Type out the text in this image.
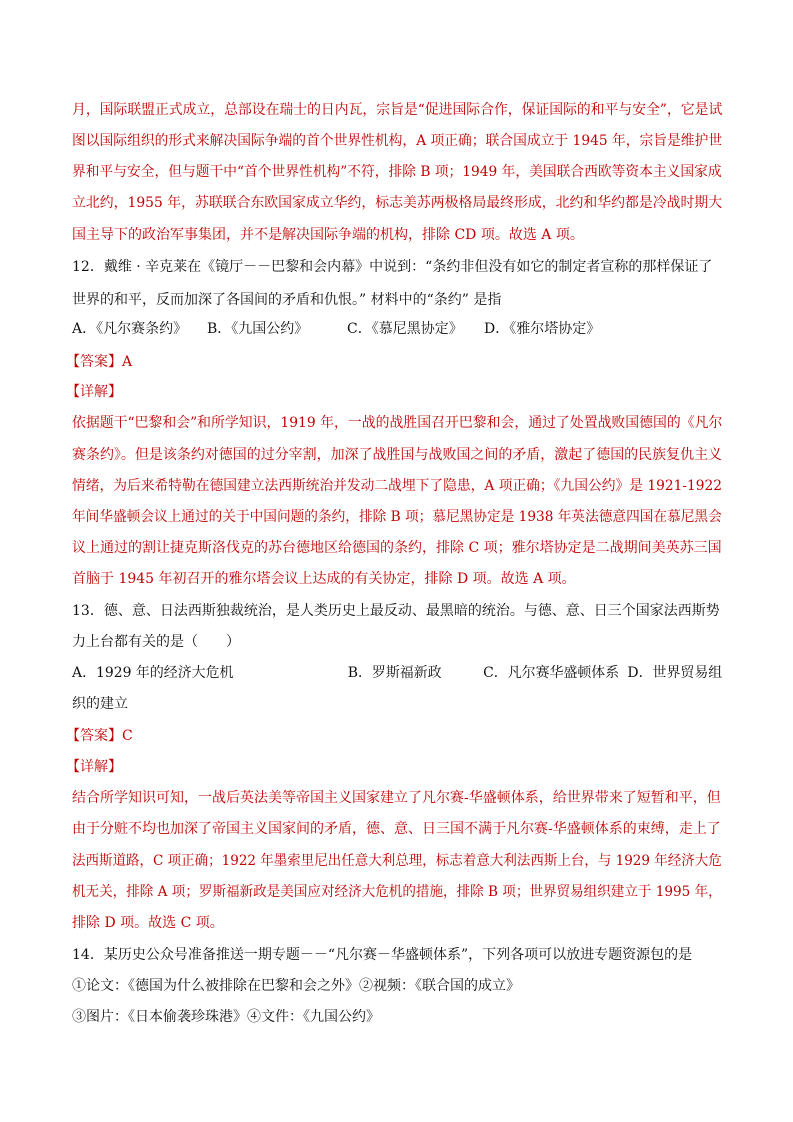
月，国际联盟正式成立，总部设在瑞士的日内瓦，宗旨是“促进国际合作，保证国际的和平与安全”，它是试
图以国际组织的形式来解决国际争端的首个世界性机构，A 项正确；联合国成立于 1945 年，宗旨是维护世
界和平与安全，但与题干中“首个世界性机构”不符，排除 B 项；1949 年，美国联合西欧等资本主义国家成
立北约，1955 年，苏联联合东欧国家成立华约，标志美苏两极格局最终形成，北约和华约都是冷战时期大
国主导下的政治军事集团，并不是解决国际争端的机构，排除 CD 项。故选 A 项。
12．戴维 · 辛克莱在《镜厅－－巴黎和会内幕》中说到：“条约非但没有如它的制定者宣称的那样保证了
世界的和平，反而加深了各国间的矛盾和仇恨。” 材料中的“条约” 是指
A．《凡尔赛条约》 B．《九国公约》	C．《慕尼黑协定》 D．《雅尔塔协定》
【答案】A
【详解】
依据题干“巴黎和会”和所学知识，1919 年，一战的战胜国召开巴黎和会，通过了处置战败国德国的《凡尔
赛条约》。但是该条约对德国的过分宰割，加深了战胜国与战败国之间的矛盾，激起了德国的民族复仇主义
情绪，为后来希特勒在德国建立法西斯统治并发动二战埋下了隐患，A 项正确；《九国公约》是 1921-1922
年间华盛顿会议上通过的关于中国问题的条约，排除 B 项；慕尼黑协定是 1938 年英法德意四国在慕尼黑会
议上通过的割让捷克斯洛伐克的苏台德地区给德国的条约，排除 C 项；雅尔塔协定是二战期间美英苏三国
首脑于 1945 年初召开的雅尔塔会议上达成的有关协定，排除 D 项。故选 A 项。
13．德、意、日法西斯独裁统治，是人类历史上最反动、最黑暗的统治。与德、意、日三个国家法西斯势
力上台都有关的是（　　）
A．1929 年的经济大危机	B．罗斯福新政	C．凡尔赛华盛顿体系 D．世界贸易组
织的建立
【答案】C
【详解】
结合所学知识可知，一战后英法美等帝国主义国家建立了凡尔赛-华盛顿体系，给世界带来了短暂和平，但
由于分赃不均也加深了帝国主义国家间的矛盾，德、意、日三国不满于凡尔赛-华盛顿体系的束缚，走上了
法西斯道路，C 项正确；1922 年墨索里尼出任意大利总理，标志着意大利法西斯上台，与 1929 年经济大危
机无关，排除 A 项；罗斯福新政是美国应对经济大危机的措施，排除 B 项；世界贸易组织建立于 1995 年，
排除 D 项。故选 C 项。
14．某历史公众号准备推送一期专题－－“凡尔赛－华盛顿体系”，下列各项可以放进专题资源包的是
①论文：《德国为什么被排除在巴黎和会之外》②视频：《联合国的成立》
③图片：《日本偷袭珍珠港》④文件：《九国公约》
